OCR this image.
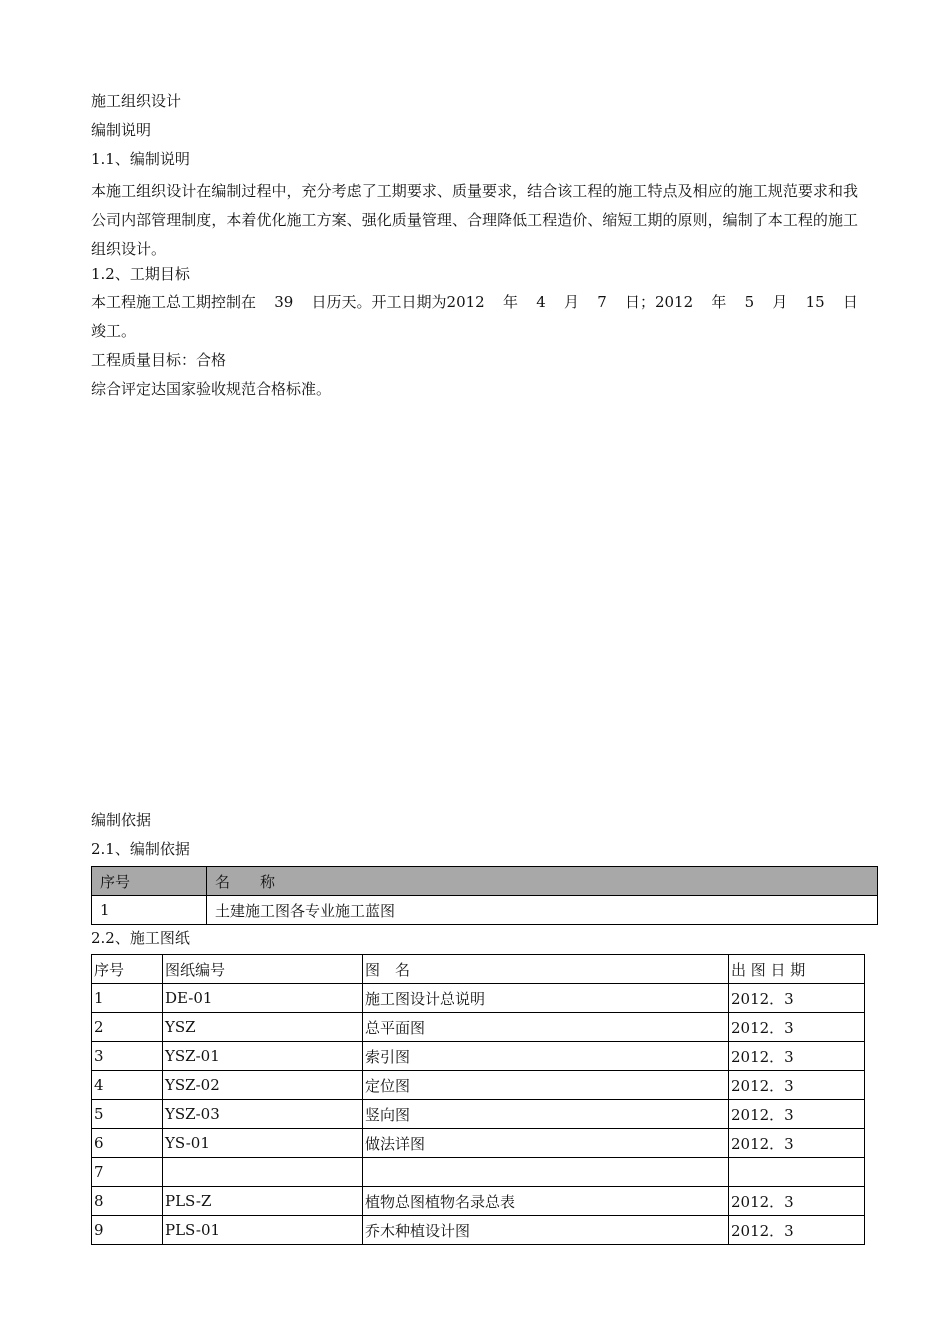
施工组织设计
编制说明
1.1、编制说明
本施工组织设计在编制过程中，充分考虑了工期要求、质量要求，结合该工程的施工特点及相应的施工规范要求和我公司内部管理制度，本着优化施工方案、强化质量管理、合理降低工程造价、缩短工期的原则，编制了本工程的施工组织设计。
1.2、工期目标
本工程施工总工期控制在 39 日历天。开工日期为2012 年 4 月 7 日；2012 年 5 月 15 日
竣工。
工程质量目标：合格
综合评定达国家验收规范合格标准。
编制依据
2.1、编制依据
序号	名　　称
1	土建施工图各专业施工蓝图
2.2、施工图纸
序号	图纸编号	图　名	出 图 日 期
1	DE-01	施工图设计总说明	2012．3
2	YSZ	总平面图	2012．3
3	YSZ-01	索引图	2012．3
4	YSZ-02	定位图	2012．3
5	YSZ-03	竖向图	2012．3
6	YS-01	做法详图	2012．3
7			
8	PLS-Z	植物总图植物名录总表	2012．3
9	PLS-01	乔木种植设计图	2012．3
